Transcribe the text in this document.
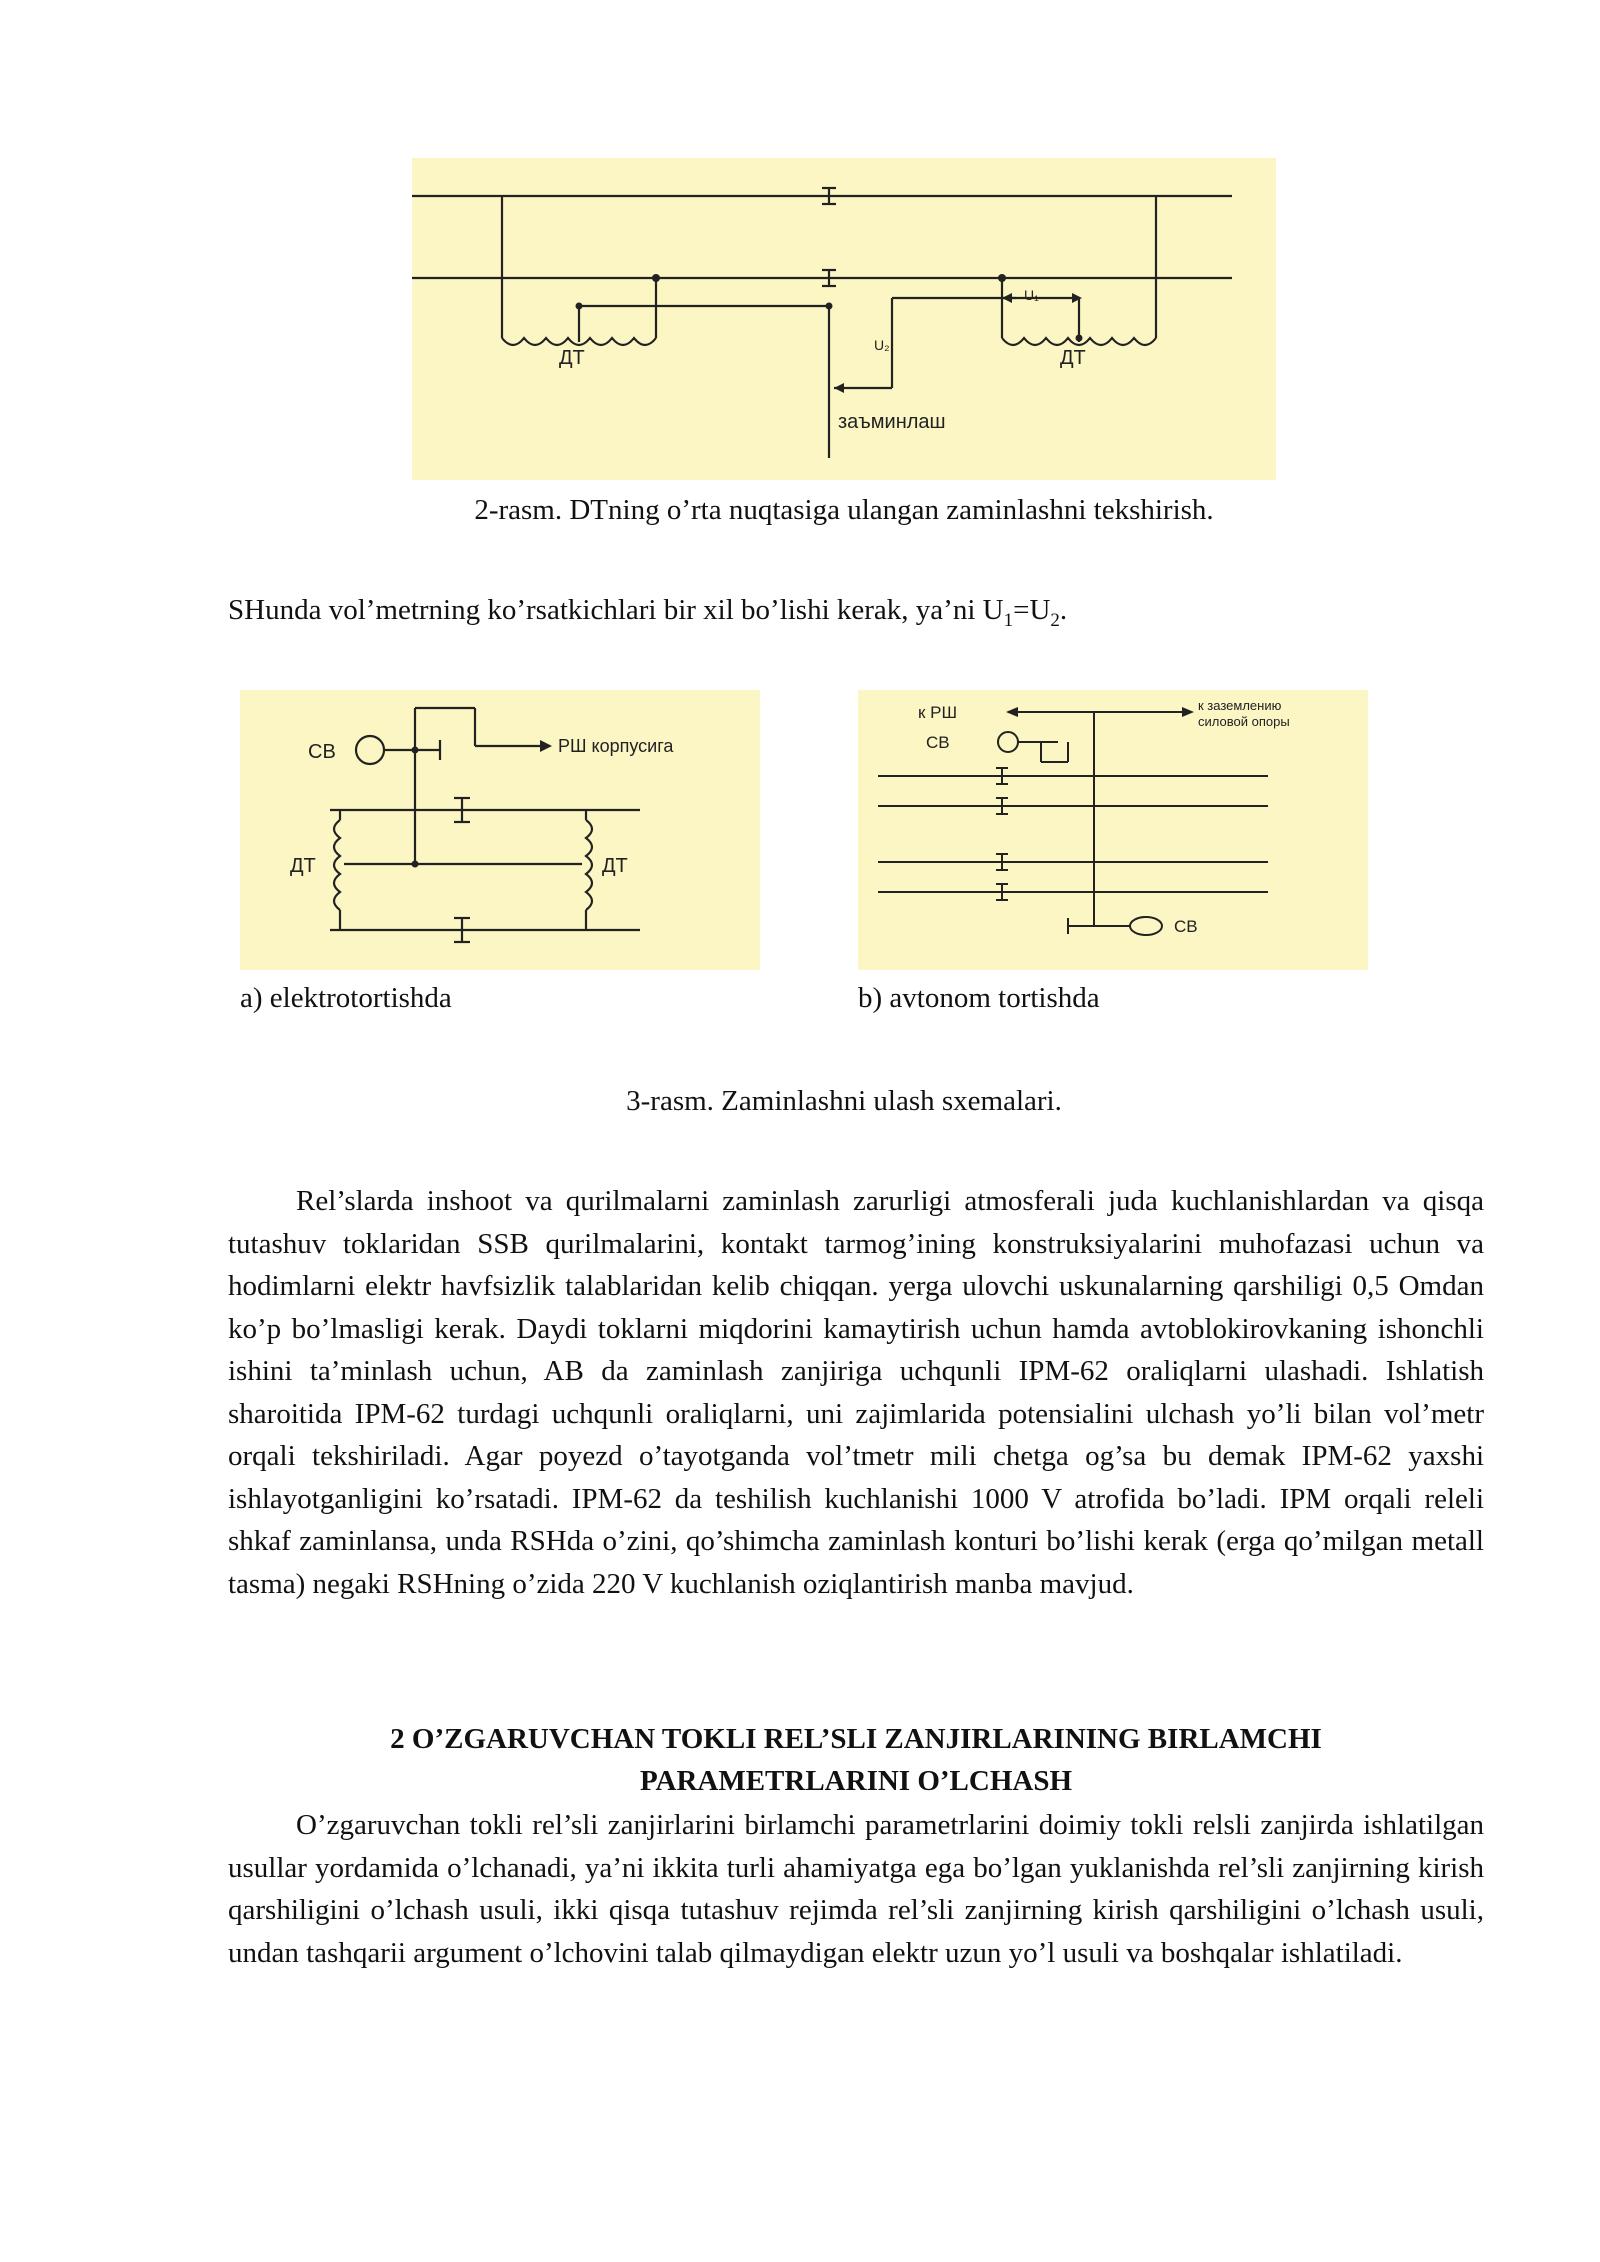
ДТ	ДТ
U₁
U₂
заъминлаш
2-rasm. DTning o’rta nuqtasiga ulangan zaminlashni tekshirish.
SHunda vol’metrning ko’rsatkichlari bir xil bo’lishi kerak, ya’ni $U_1=U_2$.
СВ	РШ корпусига
ДТ	ДТ
к РШ	к заземлению
силовой опоры
СВ
СВ
a) elektrotortishda	b) avtonom tortishda
3-rasm. Zaminlashni ulash sxemalari.
Rel’slarda inshoot va qurilmalarni zaminlash zarurligi atmosferali juda kuchlanishlardan va qisqa tutashuv toklaridan SSB qurilmalarini, kontakt tarmog’ining konstruksiyalarini muhofazasi uchun va hodimlarni elektr havfsizlik talablaridan kelib chiqqan. yerga ulovchi uskunalarning qarshiligi 0,5 Omdan ko’p bo’lmasligi kerak. Daydi toklarni miqdorini kamaytirish uchun hamda avtoblokirovkaning ishonchli ishini ta’minlash uchun, AB da zaminlash zanjiriga uchqunli IPM-62 oraliqlarni ulashadi. Ishlatish sharoitida IPM-62 turdagi uchqunli oraliqlarni, uni zajimlarida potensialini ulchash yo’li bilan vol’metr orqali tekshiriladi. Agar poyezd o’tayotganda vol’tmetr mili chetga og’sa bu demak IPM-62 yaxshi ishlayotganligini ko’rsatadi. IPM-62 da teshilish kuchlanishi 1000 V atrofida bo’ladi. IPM orqali releli shkaf zaminlansa, unda RSHda o’zini, qo’shimcha zaminlash konturi bo’lishi kerak (erga qo’milgan metall tasma) negaki RSHning o’zida 220 V kuchlanish oziqlantirish manba mavjud.
2 O’ZGARUVCHAN TOKLI REL’SLI ZANJIRLARINING BIRLAMCHI
PARAMETRLARINI O’LCHASH
O’zgaruvchan tokli rel’sli zanjirlarini birlamchi parametrlarini doimiy tokli relsli zanjirda ishlatilgan usullar yordamida o’lchanadi, ya’ni ikkita turli ahamiyatga ega bo’lgan yuklanishda rel’sli zanjirning kirish qarshiligini o’lchash usuli, ikki qisqa tutashuv rejimda rel’sli zanjirning kirish qarshiligini o’lchash usuli, undan tashqarii argument o’lchovini talab qilmaydigan elektr uzun yo’l usuli va boshqalar ishlatiladi.
